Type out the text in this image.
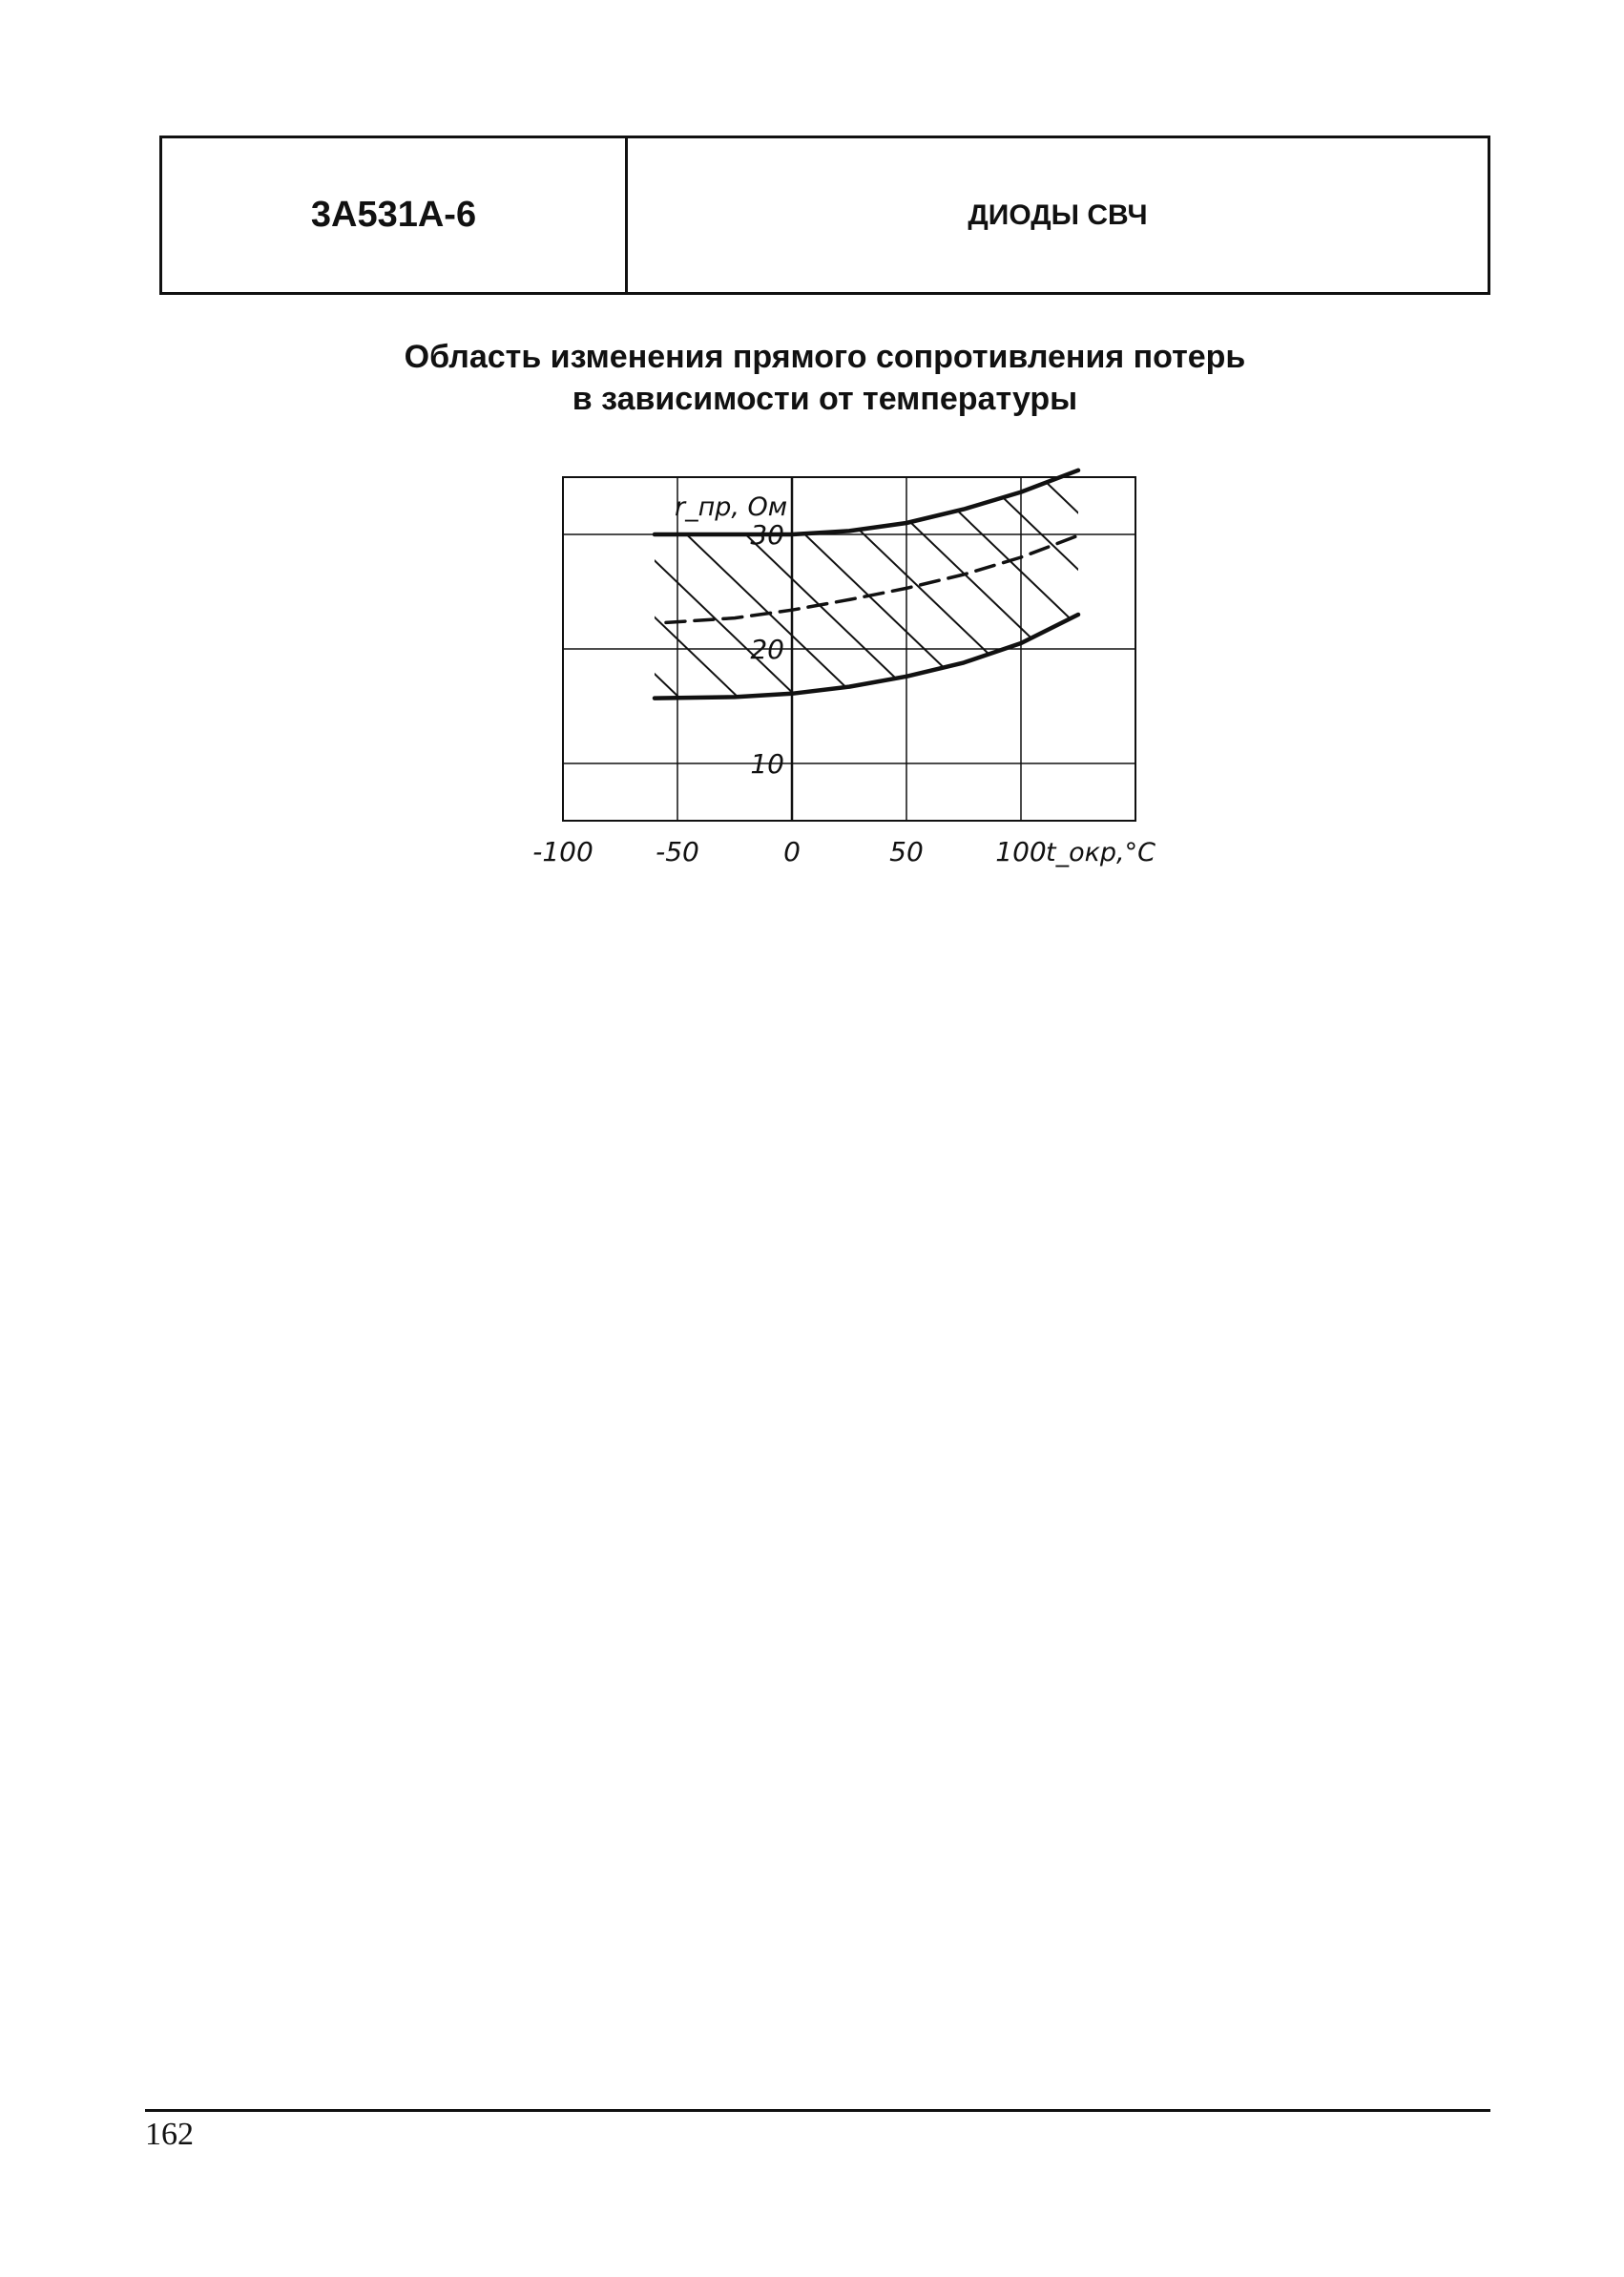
3А531А-6	ДИОДЫ СВЧ
Область изменения прямого сопротивления потерь
в зависимости от температуры
r_пр, Ом
t_окр,°C
10
20
30
-100 -50	0	50	100
162
